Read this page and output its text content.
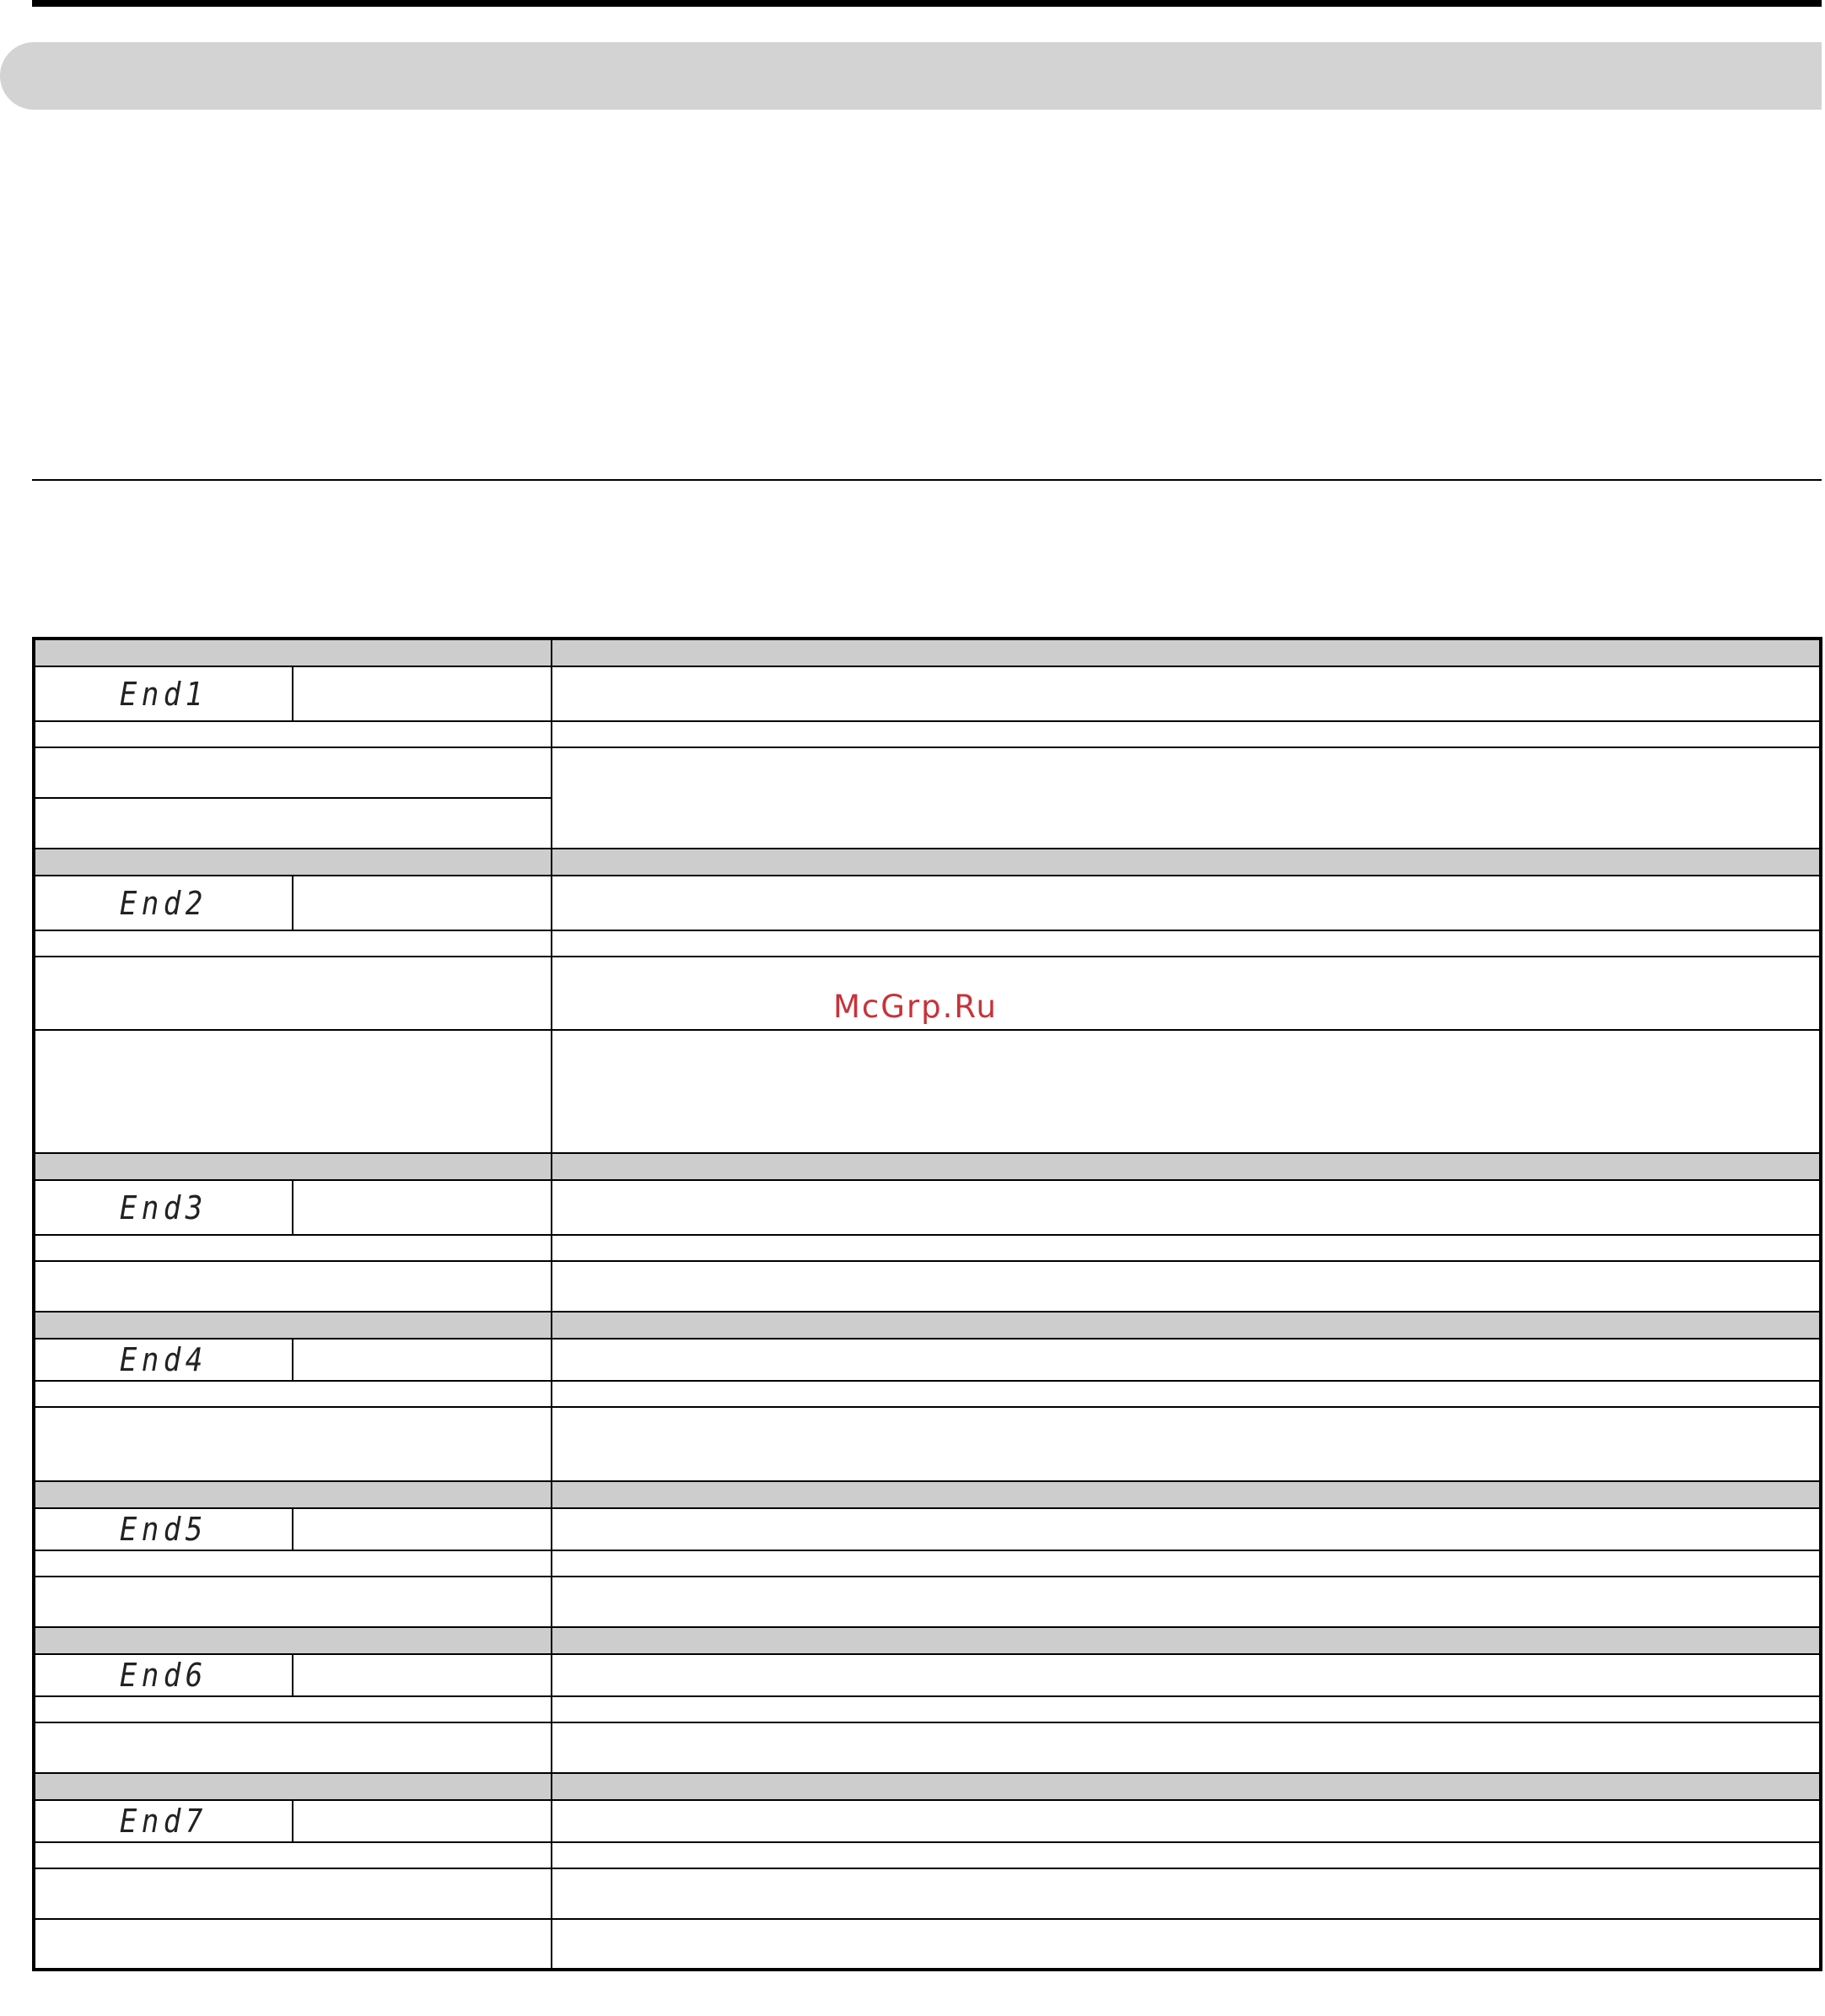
End1		

End2		

End3		

End4		

End5		

End6		

End7		

McGrp.Ru
